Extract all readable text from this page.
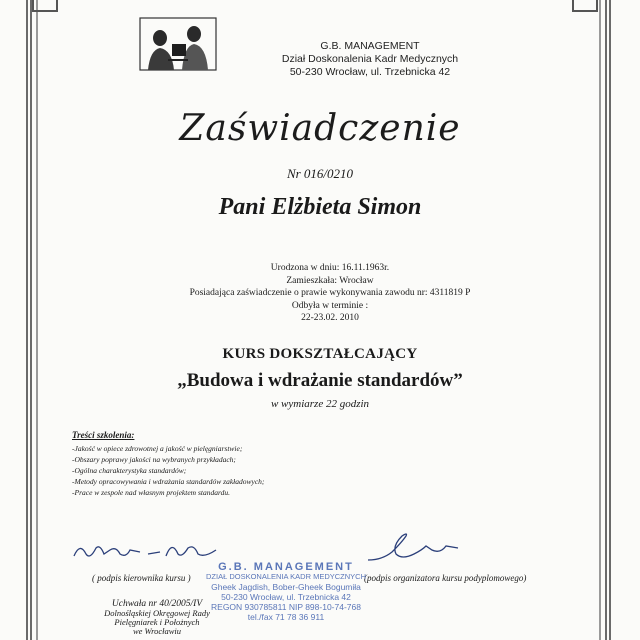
G.B. MANAGEMENT
Dział Doskonalenia Kadr Medycznych
50-230 Wrocław, ul. Trzebnicka 42
Zaświadczenie
Nr 016/0210
Pani Elżbieta Simon
Urodzona w dniu: 16.11.1963r.
Zamieszkała: Wrocław
Posiadająca zaświadczenie o prawie wykonywania zawodu nr: 4311819 P
Odbyła w terminie :
22-23.02. 2010
KURS DOKSZTAŁCAJĄCY
„Budowa i wdrażanie standardów”
w wymiarze 22 godzin
Treści szkolenia:
-Jakość w opiece zdrowotnej a jakość w pielęgniarstwie;
-Obszary poprawy jakości na wybranych przykładach;
-Ogólna charakterystyka standardów;
-Metody opracowywania i wdrażania standardów zakładowych;
-Prace w zespole nad własnym projektem standardu.
( podpis kierownika kursu )	(podpis organizatora kursu podyplomowego)
G.B. MANAGEMENT
DZIAŁ DOSKONALENIA KADR MEDYCZNYCH
Gheek Jagdish, Bober-Gheek Bogumiła
50-230 Wrocław, ul. Trzebnicka 42
REGON 930785811 NIP 898-10-74-768
tel./fax 71 78 36 911
Uchwała nr 40/2005/IV
Dolnośląskiej Okręgowej Rady
Pielęgniarek i Położnych
we Wrocławiu
